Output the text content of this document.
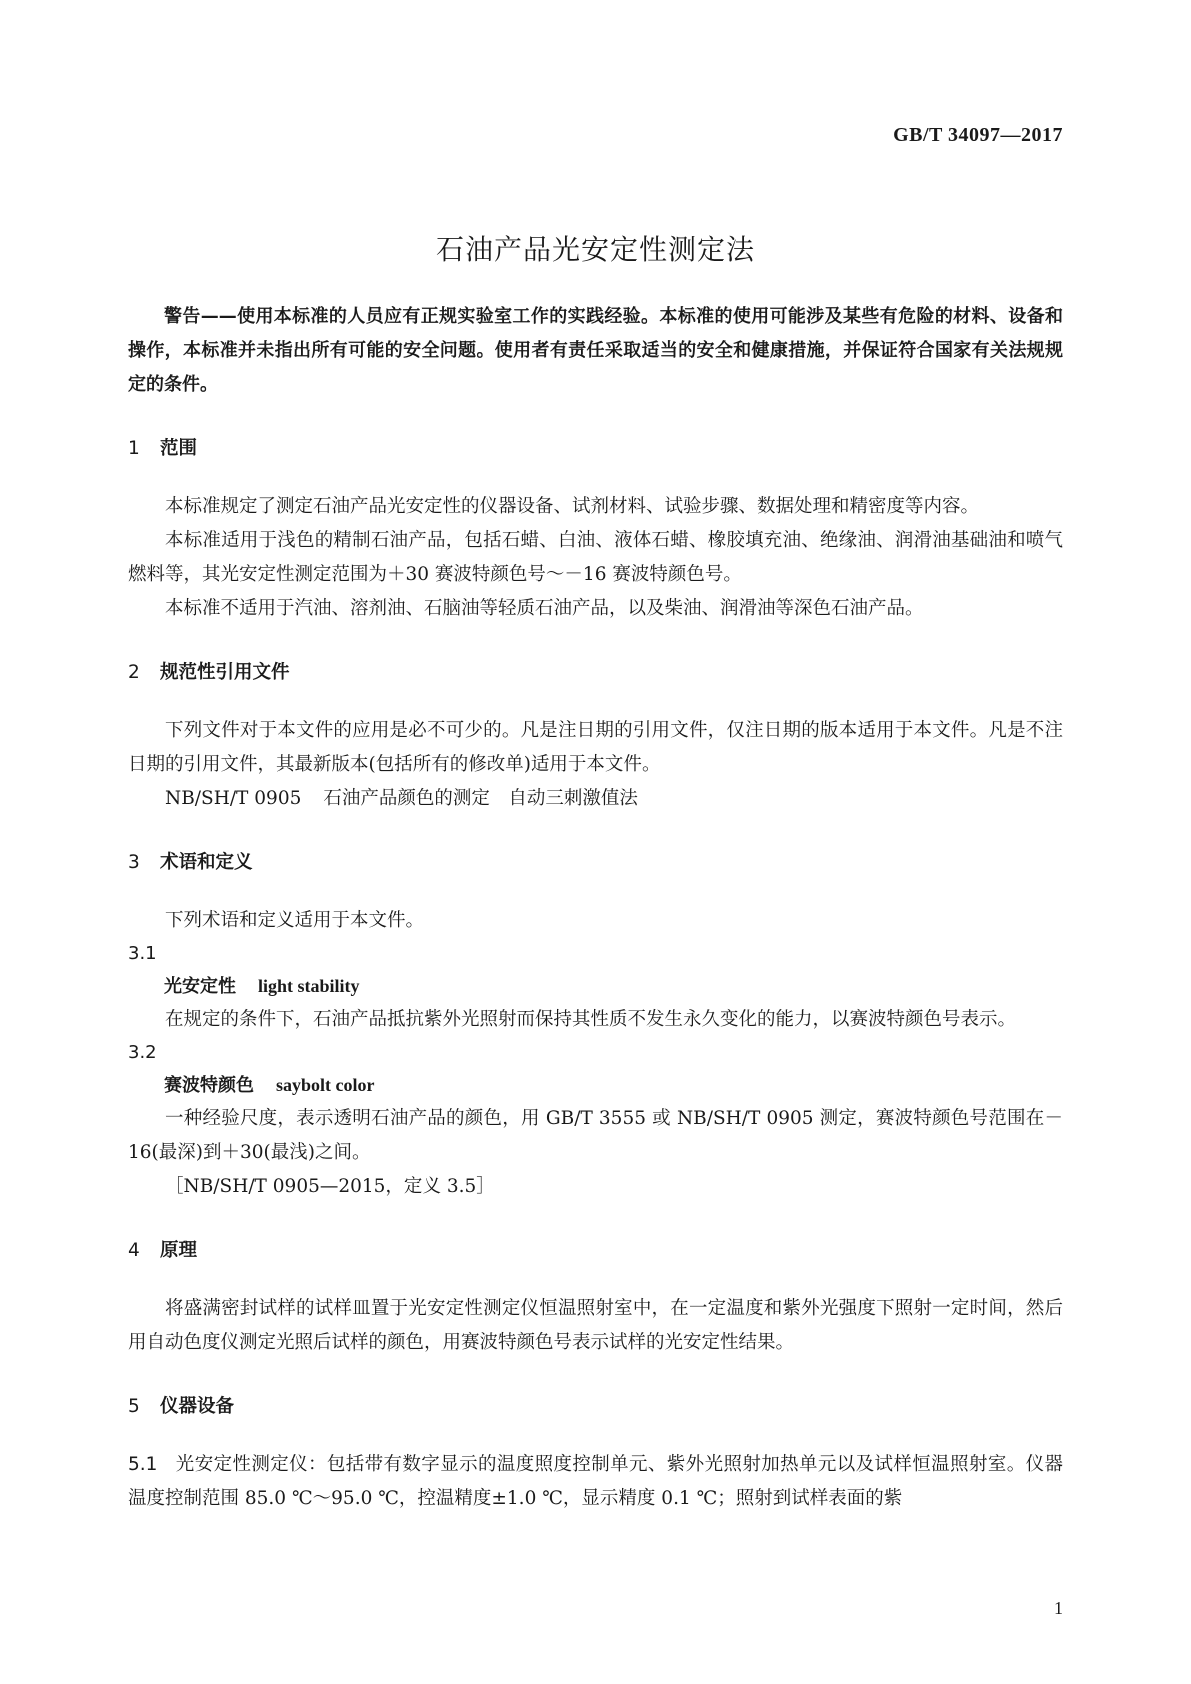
GB/T 34097—2017
石油产品光安定性测定法

警告——使用本标准的人员应有正规实验室工作的实践经验。本标准的使用可能涉及某些有危险的材料、设备和操作，本标准并未指出所有可能的安全问题。使用者有责任采取适当的安全和健康措施，并保证符合国家有关法规规定的条件。

1	范围

本标准规定了测定石油产品光安定性的仪器设备、试剂材料、试验步骤、数据处理和精密度等内容。

本标准适用于浅色的精制石油产品，包括石蜡、白油、液体石蜡、橡胶填充油、绝缘油、润滑油基础油和喷气燃料等，其光安定性测定范围为＋30 赛波特颜色号～－16 赛波特颜色号。

本标准不适用于汽油、溶剂油、石脑油等轻质石油产品，以及柴油、润滑油等深色石油产品。

2	规范性引用文件

下列文件对于本文件的应用是必不可少的。凡是注日期的引用文件，仅注日期的版本适用于本文件。凡是不注日期的引用文件，其最新版本(包括所有的修改单)适用于本文件。

NB/SH/T 0905 石油产品颜色的测定　自动三刺激值法

3	术语和定义

下列术语和定义适用于本文件。

3.1

光安定性 light stability

在规定的条件下，石油产品抵抗紫外光照射而保持其性质不发生永久变化的能力，以赛波特颜色号表示。

3.2

赛波特颜色 saybolt color

一种经验尺度，表示透明石油产品的颜色，用 GB/T 3555 或 NB/SH/T 0905 测定，赛波特颜色号范围在－16(最深)到＋30(最浅)之间。

［NB/SH/T 0905—2015，定义 3.5］

4	原理

将盛满密封试样的试样皿置于光安定性测定仪恒温照射室中，在一定温度和紫外光强度下照射一定时间，然后用自动色度仪测定光照后试样的颜色，用赛波特颜色号表示试样的光安定性结果。

5	仪器设备

5.1 光安定性测定仪：包括带有数字显示的温度照度控制单元、紫外光照射加热单元以及试样恒温照射室。仪器温度控制范围 85.0 ℃～95.0 ℃，控温精度±1.0 ℃，显示精度 0.1 ℃；照射到试样表面的紫

1
